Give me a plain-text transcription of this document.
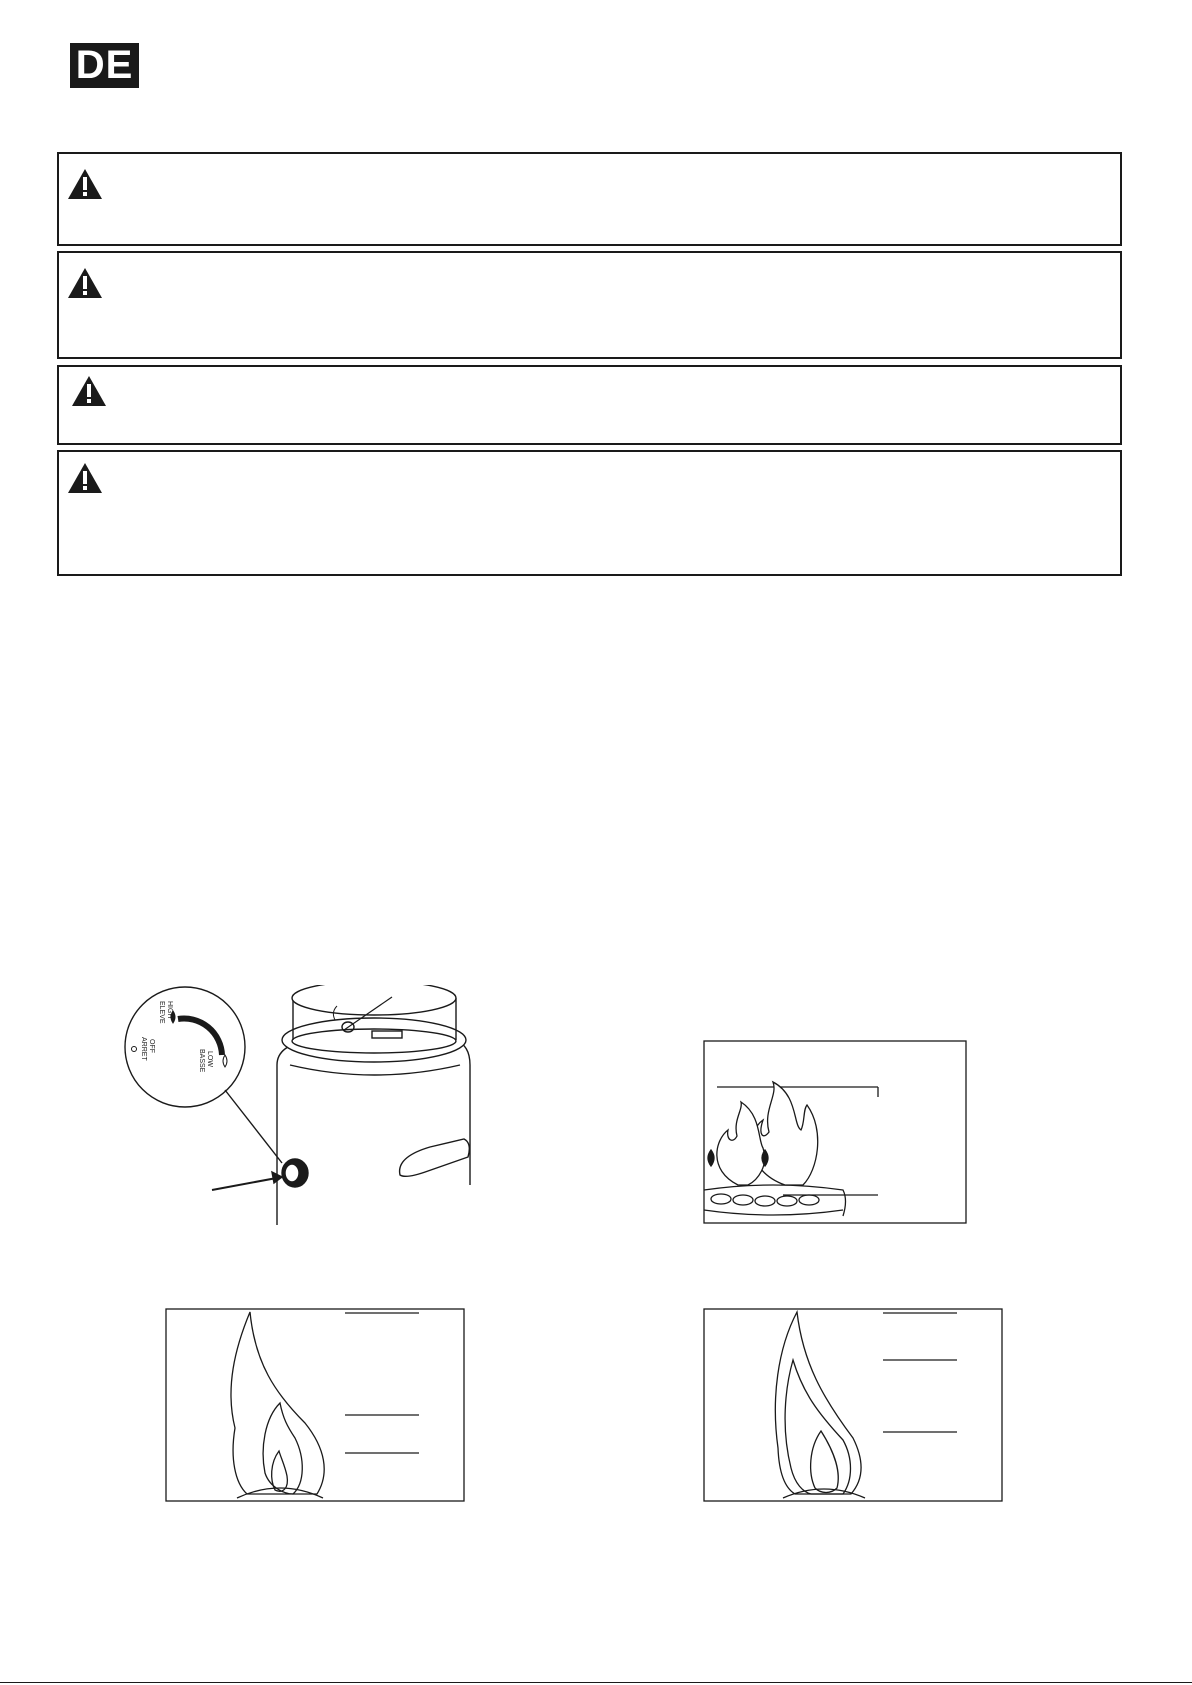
DE
OFF
ARRET
HIGH
ELEVE
LOW
BASSE
